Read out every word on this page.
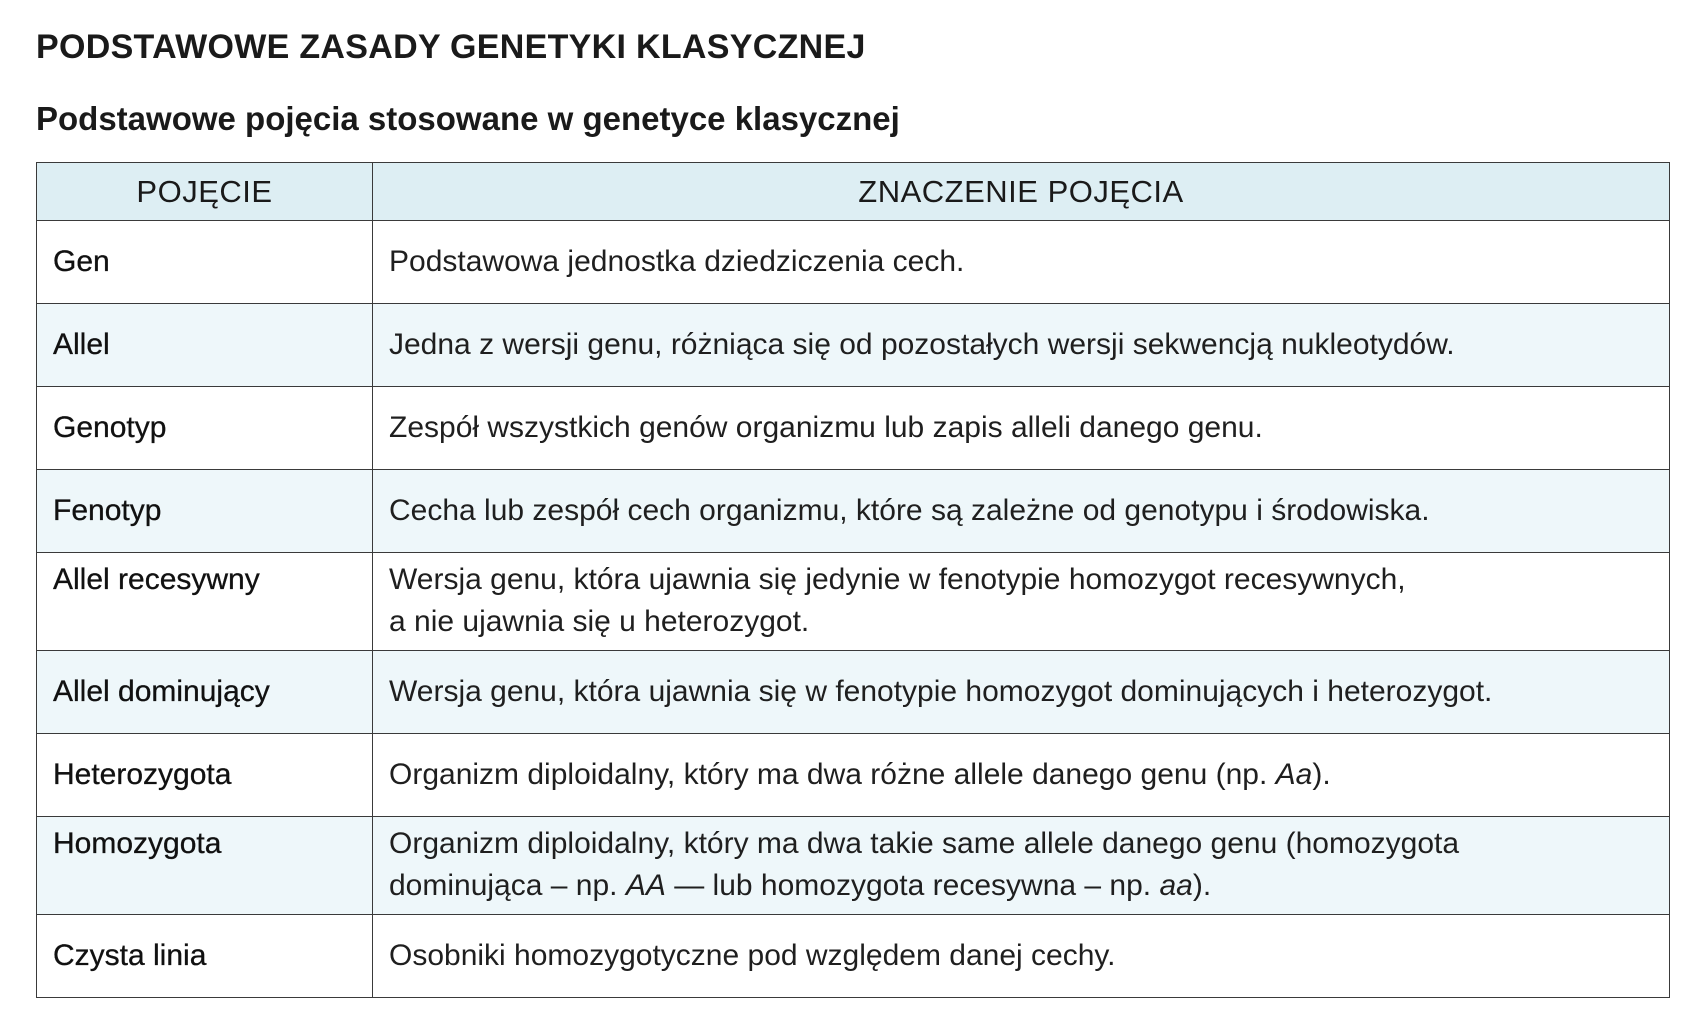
PODSTAWOWE ZASADY GENETYKI KLASYCZNEJ
Podstawowe pojęcia stosowane w genetyce klasycznej
POJĘCIE	ZNACZENIE POJĘCIA
Gen	Podstawowa jednostka dziedziczenia cech.
Allel	Jedna z wersji genu, różniąca się od pozostałych wersji sekwencją nukleotydów.
Genotyp	Zespół wszystkich genów organizmu lub zapis alleli danego genu.
Fenotyp	Cecha lub zespół cech organizmu, które są zależne od genotypu i środowiska.
Allel recesywny	Wersja genu, która ujawnia się jedynie w fenotypie homozygot recesywnych,
a nie ujawnia się u heterozygot.
Allel dominujący	Wersja genu, która ujawnia się w fenotypie homozygot dominujących i heterozygot.
Heterozygota	Organizm diploidalny, który ma dwa różne allele danego genu (np. Aa).
Homozygota	Organizm diploidalny, który ma dwa takie same allele danego genu (homozygota
dominująca – np. AA — lub homozygota recesywna – np. aa).
Czysta linia	Osobniki homozygotyczne pod względem danej cechy.
